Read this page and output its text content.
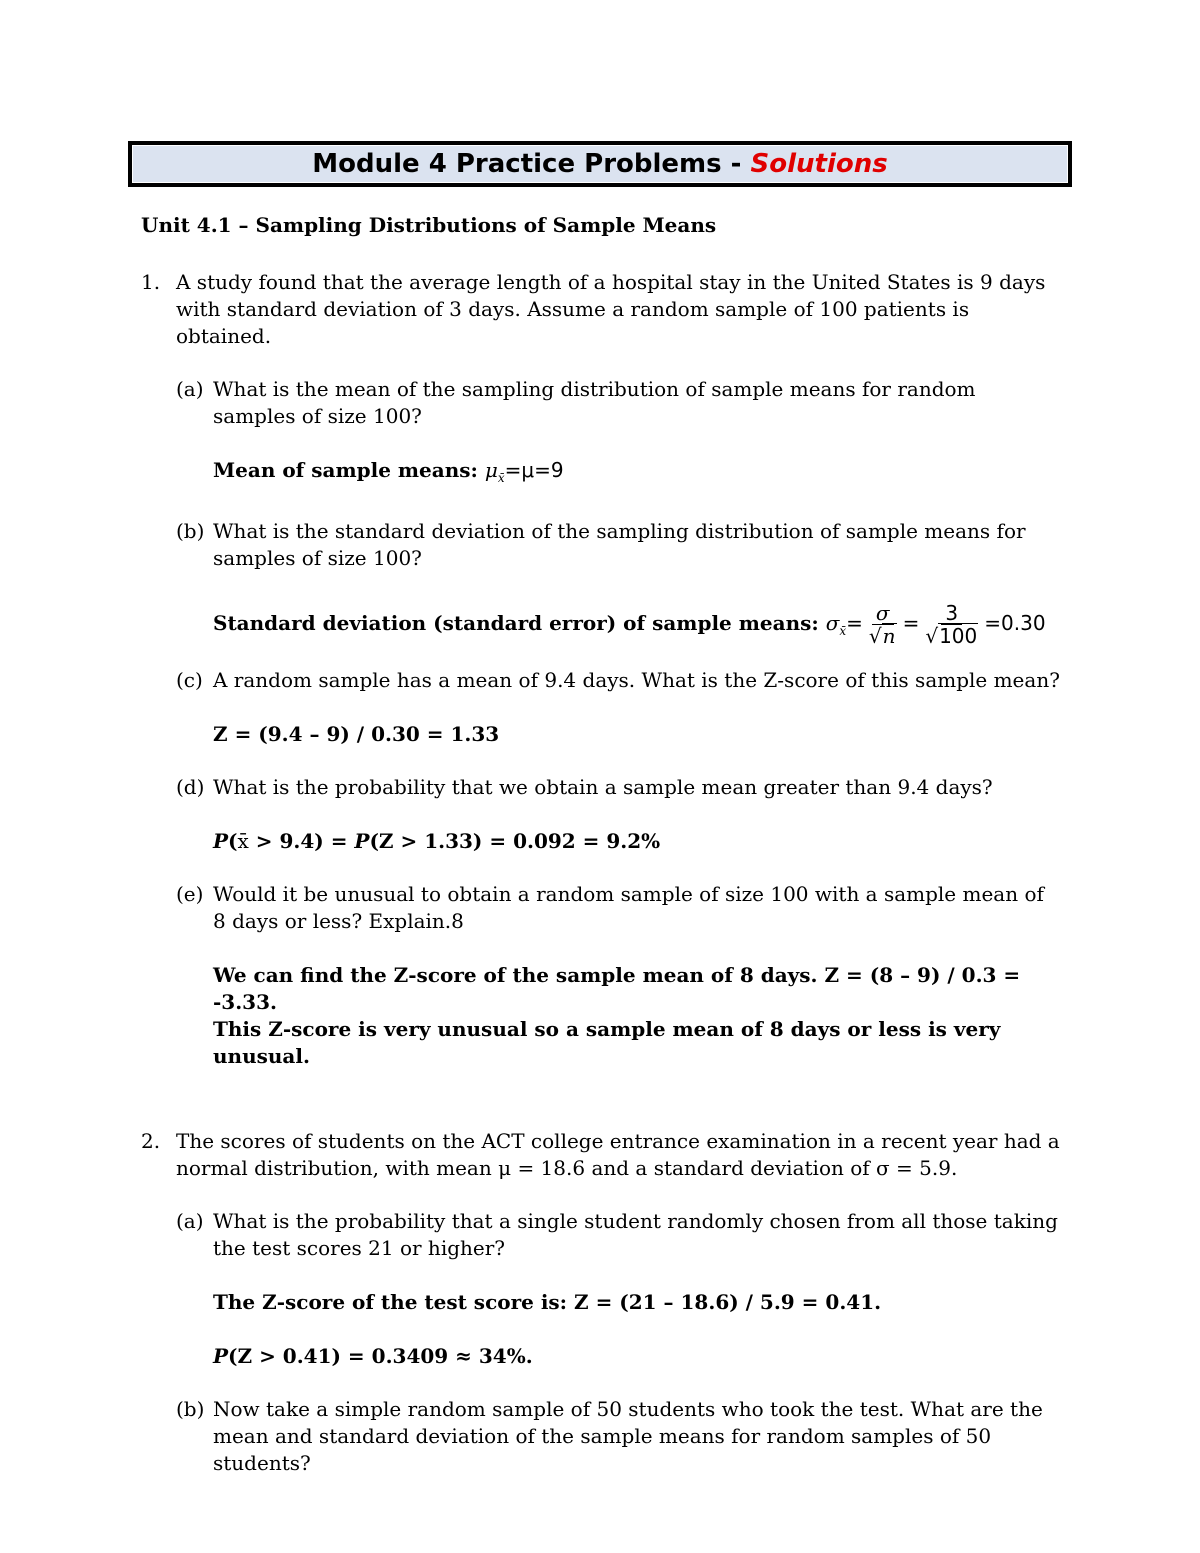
Module 4 Practice Problems - Solutions
Unit 4.1 – Sampling Distributions of Sample Means
1. A study found that the average length of a hospital stay in the United States is 9 days with standard deviation of 3 days. Assume a random sample of 100 patients is obtained.
(a) What is the mean of the sampling distribution of sample means for random samples of size 100?
Mean of sample means: $\mu_{x̄}=\mu=9$
(b) What is the standard deviation of the sampling distribution of sample means for samples of size 100?
Standard deviation (standard error) of sample means: $\sigma_{x̄}= \frac{\sigma}{√n} = \frac{3}{√100} =0.30$
(c) A random sample has a mean of 9.4 days. What is the Z-score of this sample mean?
Z = (9.4 – 9) / 0.30 = 1.33
(d) What is the probability that we obtain a sample mean greater than 9.4 days?
P(x̄ > 9.4) = P(Z > 1.33) = 0.092 = 9.2%
(e) Would it be unusual to obtain a random sample of size 100 with a sample mean of 8 days or less? Explain.8
We can find the Z-score of the sample mean of 8 days. Z = (8 – 9) / 0.3 = -3.33.
This Z-score is very unusual so a sample mean of 8 days or less is very unusual.
2. The scores of students on the ACT college entrance examination in a recent year had a normal distribution, with mean μ = 18.6 and a standard deviation of σ = 5.9.
(a) What is the probability that a single student randomly chosen from all those taking the test scores 21 or higher?
The Z-score of the test score is: Z = (21 – 18.6) / 5.9 = 0.41.
P(Z > 0.41) = 0.3409 ≈ 34%.
(b) Now take a simple random sample of 50 students who took the test. What are the mean and standard deviation of the sample means for random samples of 50 students?
